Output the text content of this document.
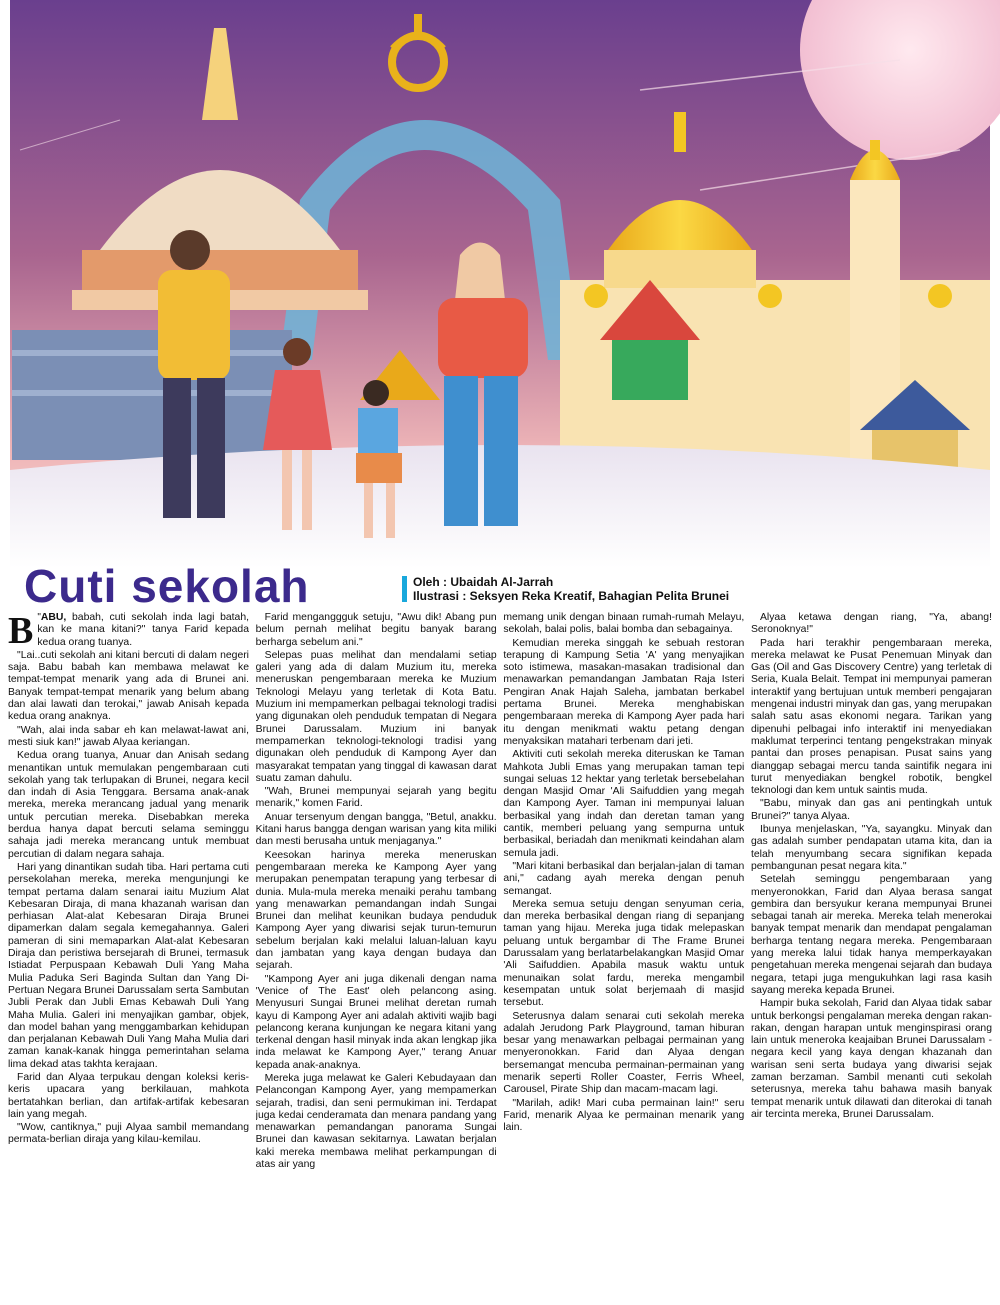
Cuti sekolah	Oleh : Ubaidah Al-Jarrah
Ilustrasi : Seksyen Reka Kreatif, Bahagian Pelita Brunei

"
B ABU, babah, cuti sekolah inda lagi batah, kan ke mana kitani?" tanya Farid kepada kedua orang tuanya.

"Lai..cuti sekolah ani kitani bercuti di dalam negeri saja. Babu babah kan membawa melawat ke tempat-tempat menarik yang ada di Brunei ani. Banyak tempat-tempat menarik yang belum abang dan alai lawati dan terokai," jawab Anisah kepada kedua orang anaknya.

"Wah, alai inda sabar eh kan melawat-lawat ani, mesti siuk kan!" jawab Alyaa keriangan.

Kedua orang tuanya, Anuar dan Anisah sedang menantikan untuk memulakan pengembaraan cuti sekolah yang tak terlupakan di Brunei, negara kecil dan indah di Asia Tenggara. Bersama anak-anak mereka, mereka merancang jadual yang menarik untuk percutian mereka. Disebabkan mereka berdua hanya dapat bercuti selama seminggu sahaja jadi mereka merancang untuk membuat percutian di dalam negara sahaja.

Hari yang dinantikan sudah tiba. Hari pertama cuti persekolahan mereka, mereka mengunjungi ke tempat pertama dalam senarai iaitu Muzium Alat Kebesaran Diraja, di mana khazanah warisan dan perhiasan Alat-alat Kebesaran Diraja Brunei dipamerkan dalam segala kemegahannya. Galeri pameran di sini memaparkan Alat-alat Kebesaran Diraja dan peristiwa bersejarah di Brunei, termasuk Istiadat Perpuspaan Kebawah Duli Yang Maha Mulia Paduka Seri Baginda Sultan dan Yang Di-Pertuan Negara Brunei Darussalam serta Sambutan Jubli Perak dan Jubli Emas Kebawah Duli Yang Maha Mulia. Galeri ini menyajikan gambar, objek, dan model bahan yang menggambarkan kehidupan dan perjalanan Kebawah Duli Yang Maha Mulia dari zaman kanak-kanak hingga pemerintahan selama lima dekad atas takhta kerajaan.

Farid dan Alyaa terpukau dengan koleksi keris-keris upacara yang berkilauan, mahkota bertatahkan berlian, dan artifak-artifak kebesaran lain yang megah.

"Wow, cantiknya," puji Alyaa sambil memandang permata-berlian diraja yang kilau-kemilau.

Farid menganggguk setuju, "Awu dik! Abang pun belum pernah melihat begitu banyak barang berharga sebelum ani."

Selepas puas melihat dan mendalami setiap galeri yang ada di dalam Muzium itu, mereka meneruskan pengembaraan mereka ke Muzium Teknologi Melayu yang terletak di Kota Batu. Muzium ini mempamerkan pelbagai teknologi tradisi yang digunakan oleh penduduk tempatan di Negara Brunei Darussalam. Muzium ini banyak mempamerkan teknologi-teknologi tradisi yang digunakan oleh penduduk di Kampong Ayer dan masyarakat tempatan yang tinggal di kawasan darat suatu zaman dahulu.

"Wah, Brunei mempunyai sejarah yang begitu menarik," komen Farid.

Anuar tersenyum dengan bangga, "Betul, anakku. Kitani harus bangga dengan warisan yang kita miliki dan mesti berusaha untuk menjaganya."

Keesokan harinya mereka meneruskan pengembaraan mereka ke Kampong Ayer yang merupakan penempatan terapung yang terbesar di dunia. Mula-mula mereka menaiki perahu tambang yang menawarkan pemandangan indah Sungai Brunei dan melihat keunikan budaya penduduk Kampong Ayer yang diwarisi sejak turun-temurun sebelum berjalan kaki melalui laluan-laluan kayu dan jambatan yang kaya dengan budaya dan sejarah.

"Kampong Ayer ani juga dikenali dengan nama 'Venice of The East' oleh pelancong asing. Menyusuri Sungai Brunei melihat deretan rumah kayu di Kampong Ayer ani adalah aktiviti wajib bagi pelancong kerana kunjungan ke negara kitani yang terkenal dengan hasil minyak inda akan lengkap jika inda melawat ke Kampong Ayer," terang Anuar kepada anak-anaknya.

Mereka juga melawat ke Galeri Kebudayaan dan Pelancongan Kampong Ayer, yang mempamerkan sejarah, tradisi, dan seni permukiman ini. Terdapat juga kedai cenderamata dan menara pandang yang menawarkan pemandangan panorama Sungai Brunei dan kawasan sekitarnya. Lawatan berjalan kaki mereka membawa melihat perkampungan di atas air yang

memang unik dengan binaan rumah-rumah Melayu, sekolah, balai polis, balai bomba dan sebagainya.

Kemudian mereka singgah ke sebuah restoran terapung di Kampung Setia 'A' yang menyajikan soto istimewa, masakan-masakan tradisional dan menawarkan pemandangan Jambatan Raja Isteri Pengiran Anak Hajah Saleha, jambatan berkabel pertama Brunei. Mereka menghabiskan pengembaraan mereka di Kampong Ayer pada hari itu dengan menikmati waktu petang dengan menyaksikan matahari terbenam dari jeti.

Aktiviti cuti sekolah mereka diteruskan ke Taman Mahkota Jubli Emas yang merupakan taman tepi sungai seluas 12 hektar yang terletak bersebelahan dengan Masjid Omar 'Ali Saifuddien yang megah dan Kampong Ayer. Taman ini mempunyai laluan berbasikal yang indah dan deretan taman yang cantik, memberi peluang yang sempurna untuk berbasikal, beriadah dan menikmati keindahan alam semula jadi.

"Mari kitani berbasikal dan berjalan-jalan di taman ani," cadang ayah mereka dengan penuh semangat.

Mereka semua setuju dengan senyuman ceria, dan mereka berbasikal dengan riang di sepanjang taman yang hijau. Mereka juga tidak melepaskan peluang untuk bergambar di The Frame Brunei Darussalam yang berlatarbelakangkan Masjid Omar 'Ali Saifuddien. Apabila masuk waktu untuk menunaikan solat fardu, mereka mengambil kesempatan untuk solat berjemaah di masjid tersebut.

Seterusnya dalam senarai cuti sekolah mereka adalah Jerudong Park Playground, taman hiburan besar yang menawarkan pelbagai permainan yang menyeronokkan. Farid dan Alyaa dengan bersemangat mencuba permainan-permainan yang menarik seperti Roller Coaster, Ferris Wheel, Carousel, Pirate Ship dan macam-macam lagi.

"Marilah, adik! Mari cuba permainan lain!" seru Farid, menarik Alyaa ke permainan menarik yang lain.

Alyaa ketawa dengan riang, "Ya, abang! Seronoknya!"

Pada hari terakhir pengembaraan mereka, mereka melawat ke Pusat Penemuan Minyak dan Gas (Oil and Gas Discovery Centre) yang terletak di Seria, Kuala Belait. Tempat ini mempunyai pameran interaktif yang bertujuan untuk memberi pengajaran mengenai industri minyak dan gas, yang merupakan salah satu asas ekonomi negara. Tarikan yang dipenuhi pelbagai info interaktif ini menyediakan maklumat terperinci tentang pengekstrakan minyak pantai dan proses penapisan. Pusat sains yang dianggap sebagai mercu tanda saintifik negara ini turut menyediakan bengkel robotik, bengkel teknologi dan kem untuk saintis muda.

"Babu, minyak dan gas ani pentingkah untuk Brunei?" tanya Alyaa.

Ibunya menjelaskan, "Ya, sayangku. Minyak dan gas adalah sumber pendapatan utama kita, dan ia telah menyumbang secara signifikan kepada pembangunan pesat negara kita."

Setelah seminggu pengembaraan yang menyeronokkan, Farid dan Alyaa berasa sangat gembira dan bersyukur kerana mempunyai Brunei sebagai tanah air mereka. Mereka telah menerokai banyak tempat menarik dan mendapat pengalaman berharga tentang negara mereka. Pengembaraan yang mereka lalui tidak hanya memperkayakan pengetahuan mereka mengenai sejarah dan budaya negara, tetapi juga mengukuhkan lagi rasa kasih sayang mereka kepada Brunei.

Hampir buka sekolah, Farid dan Alyaa tidak sabar untuk berkongsi pengalaman mereka dengan rakan-rakan, dengan harapan untuk menginspirasi orang lain untuk meneroka keajaiban Brunei Darussalam - negara kecil yang kaya dengan khazanah dan warisan seni serta budaya yang diwarisi sejak zaman berzaman. Sambil menanti cuti sekolah seterusnya, mereka tahu bahawa masih banyak tempat menarik untuk dilawati dan diterokai di tanah air tercinta mereka, Brunei Darussalam.
